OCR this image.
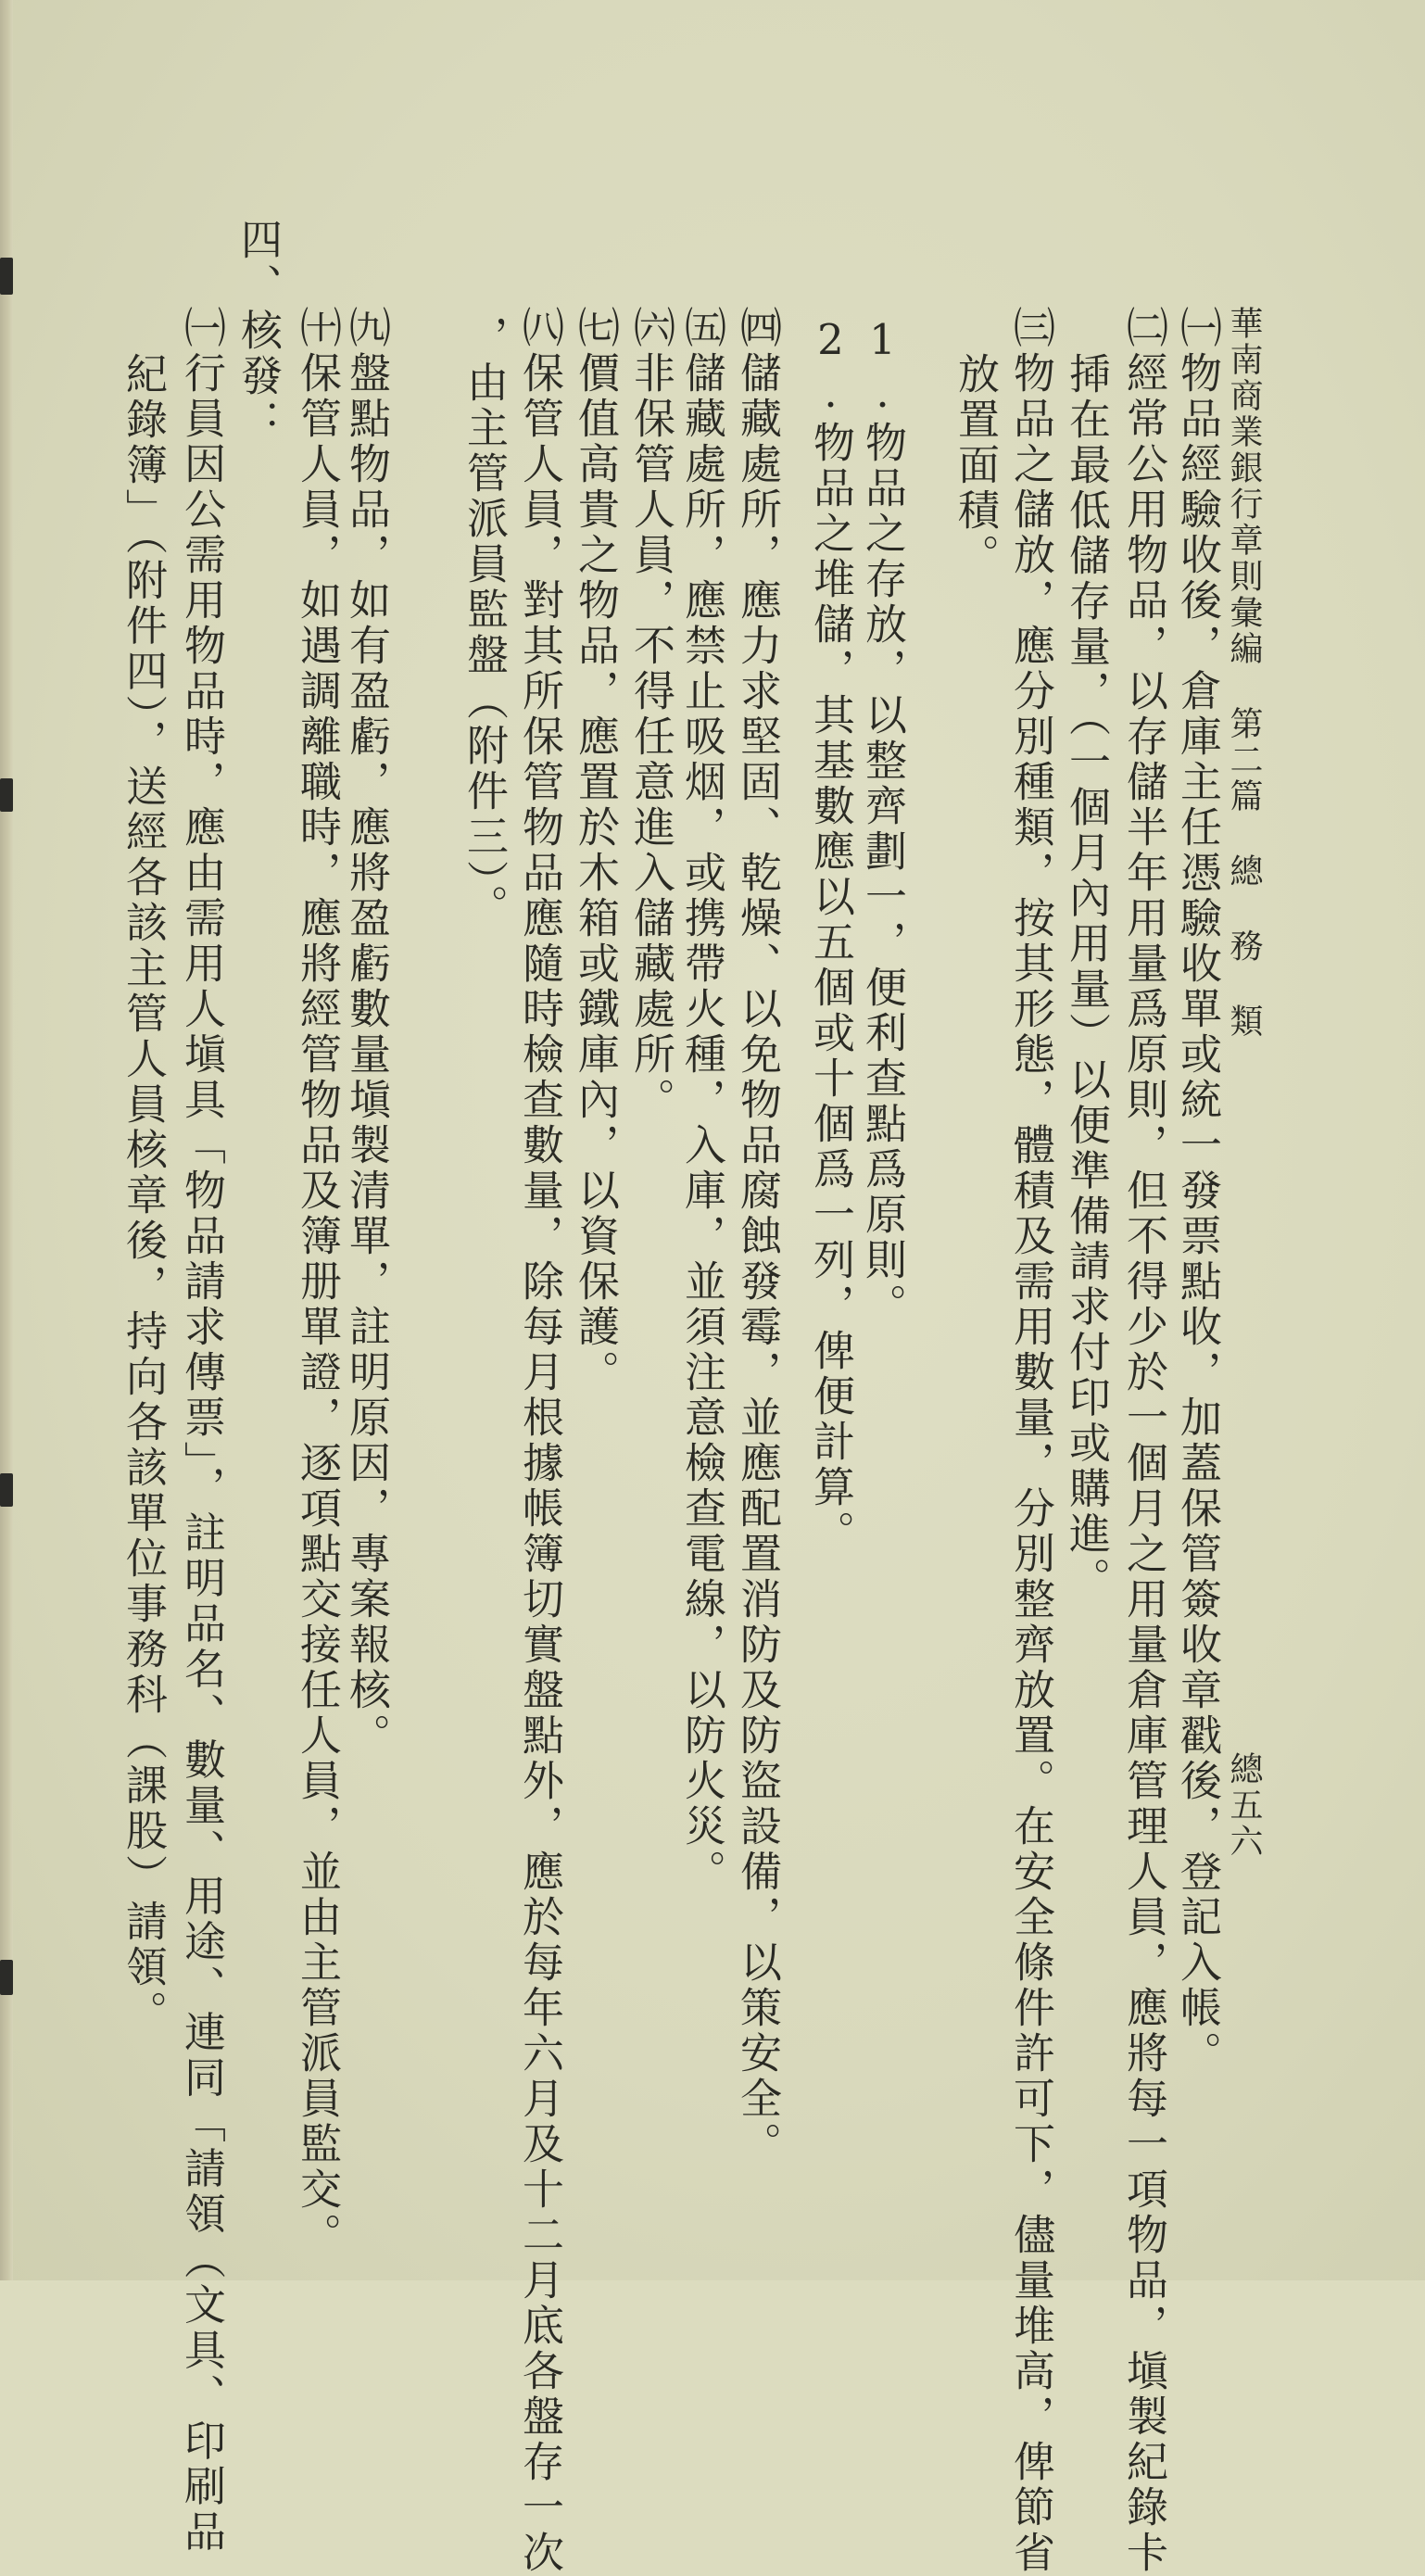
華南商業銀行章則彙編第二篇總務類
總五六
㈠物品經驗收後，倉庫主任憑驗收單或統一發票點收，加蓋保管簽收章戳後，登記入帳。
㈡經常公用物品，以存儲半年用量爲原則，但不得少於一個月之用量倉庫管理人員，應將每一項物品，塡製紀錄卡
揷在最低儲存量，（一個月內用量）以便準備請求付印或購進。
㈢物品之儲放，應分別種類，按其形態，體積及需用數量，分別整齊放置。在安全條件許可下，儘量堆高，俾節省
放置面積。
1.物品之存放，以整齊劃一，便利查點爲原則。
2.物品之堆儲，其基數應以五個或十個爲一列，俾便計算。
㈣儲藏處所，應力求堅固、乾燥、以免物品腐蝕發霉，並應配置消防及防盜設備，以策安全。
㈤儲藏處所，應禁止吸烟，或携帶火種，入庫，並須注意檢查電線，以防火災。
㈥非保管人員，不得任意進入儲藏處所。
㈦價值高貴之物品，應置於木箱或鐵庫內，以資保護。
㈧保管人員，對其所保管物品應隨時檢查數量，除每月根據帳簿切實盤點外，應於每年六月及十二月底各盤存一次
，由主管派員監盤（附件三）。
㈨盤點物品，如有盈虧，應將盈虧數量塡製清單，註明原因，專案報核。
㈩保管人員，如遇調離職時，應將經管物品及簿册單證，逐項點交接任人員，並由主管派員監交。
四、核發：
㈠行員因公需用物品時，應由需用人塡具「物品請求傳票」，註明品名、數量、用途、連同「請領（文具、印刷品
紀錄簿」（附件四），送經各該主管人員核章後，持向各該單位事務科（課股）請領。
